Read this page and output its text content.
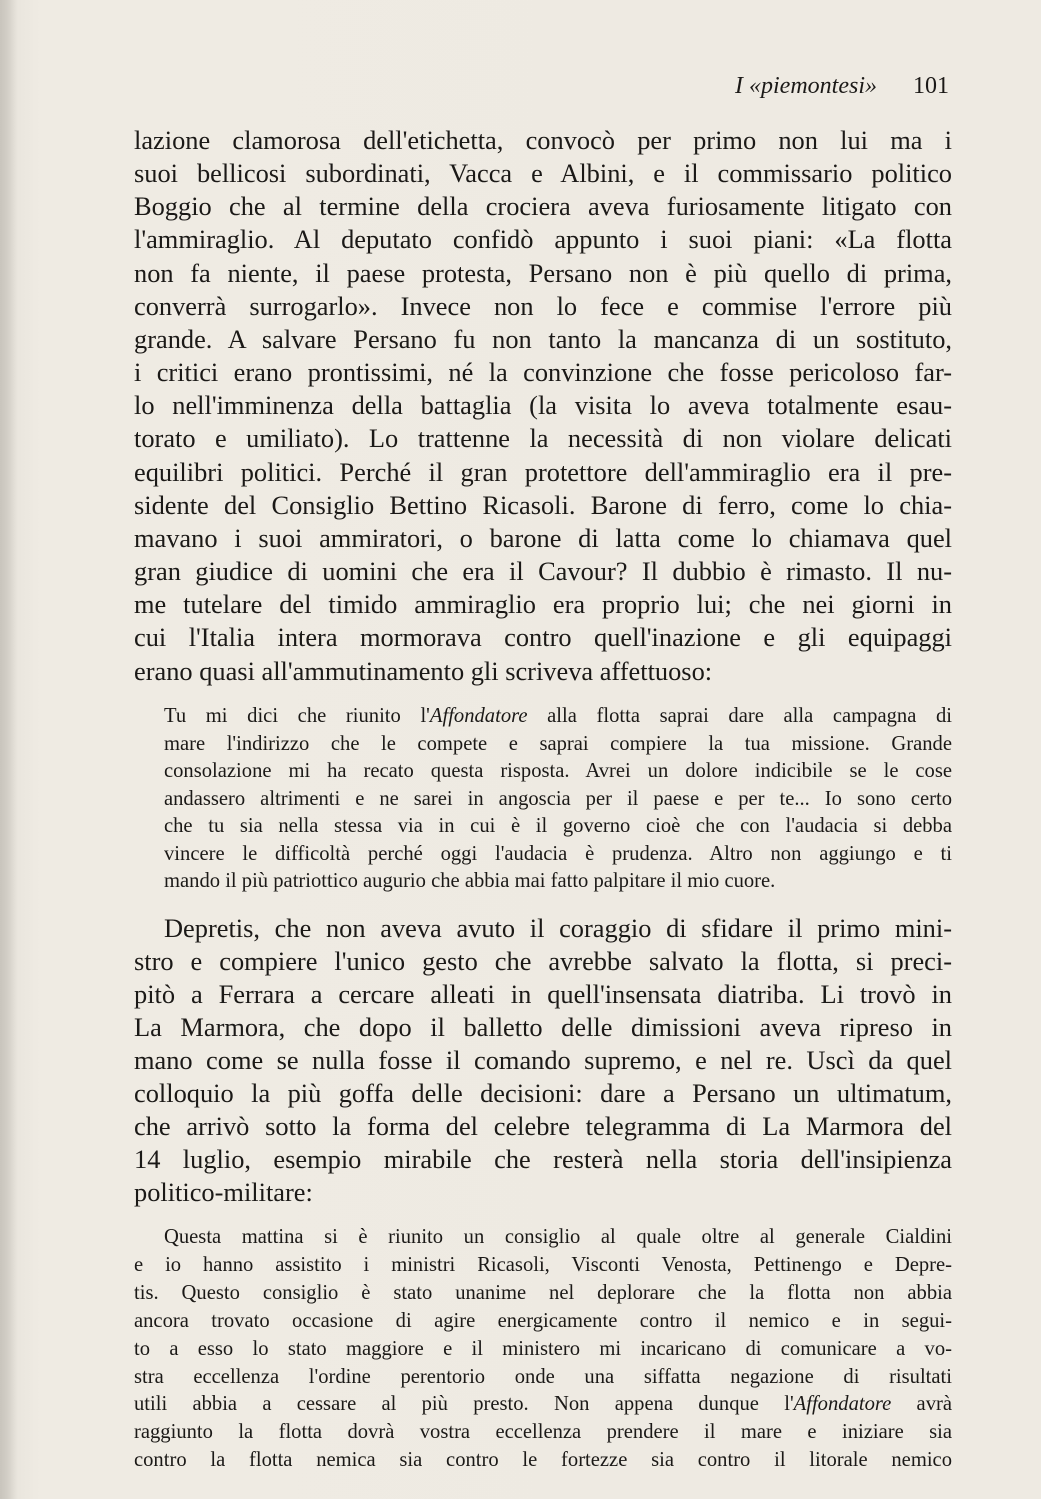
I «piemontesi» 101
lazione clamorosa dell'etichetta, convocò per primo non lui ma i
suoi bellicosi subordinati, Vacca e Albini, e il commissario politico
Boggio che al termine della crociera aveva furiosamente litigato con
l'ammiraglio. Al deputato confidò appunto i suoi piani: «La flotta
non fa niente, il paese protesta, Persano non è più quello di prima,
converrà surrogarlo». Invece non lo fece e commise l'errore più
grande. A salvare Persano fu non tanto la mancanza di un sostituto,
i critici erano prontissimi, né la convinzione che fosse pericoloso far-
lo nell'imminenza della battaglia (la visita lo aveva totalmente esau-
torato e umiliato). Lo trattenne la necessità di non violare delicati
equilibri politici. Perché il gran protettore dell'ammiraglio era il pre-
sidente del Consiglio Bettino Ricasoli. Barone di ferro, come lo chia-
mavano i suoi ammiratori, o barone di latta come lo chiamava quel
gran giudice di uomini che era il Cavour? Il dubbio è rimasto. Il nu-
me tutelare del timido ammiraglio era proprio lui; che nei giorni in
cui l'Italia intera mormorava contro quell'inazione e gli equipaggi
erano quasi all'ammutinamento gli scriveva affettuoso:
Tu mi dici che riunito l'Affondatore alla flotta saprai dare alla campagna di
mare l'indirizzo che le compete e saprai compiere la tua missione. Grande
consolazione mi ha recato questa risposta. Avrei un dolore indicibile se le cose
andassero altrimenti e ne sarei in angoscia per il paese e per te... Io sono certo
che tu sia nella stessa via in cui è il governo cioè che con l'audacia si debba
vincere le difficoltà perché oggi l'audacia è prudenza. Altro non aggiungo e ti
mando il più patriottico augurio che abbia mai fatto palpitare il mio cuore.
Depretis, che non aveva avuto il coraggio di sfidare il primo mini-
stro e compiere l'unico gesto che avrebbe salvato la flotta, si preci-
pitò a Ferrara a cercare alleati in quell'insensata diatriba. Li trovò in
La Marmora, che dopo il balletto delle dimissioni aveva ripreso in
mano come se nulla fosse il comando supremo, e nel re. Uscì da quel
colloquio la più goffa delle decisioni: dare a Persano un ultimatum,
che arrivò sotto la forma del celebre telegramma di La Marmora del
14 luglio, esempio mirabile che resterà nella storia dell'insipienza
politico-militare:
Questa mattina si è riunito un consiglio al quale oltre al generale Cialdini
e io hanno assistito i ministri Ricasoli, Visconti Venosta, Pettinengo e Depre-
tis. Questo consiglio è stato unanime nel deplorare che la flotta non abbia
ancora trovato occasione di agire energicamente contro il nemico e in segui-
to a esso lo stato maggiore e il ministero mi incaricano di comunicare a vo-
stra eccellenza l'ordine perentorio onde una siffatta negazione di risultati
utili abbia a cessare al più presto. Non appena dunque l'Affondatore avrà
raggiunto la flotta dovrà vostra eccellenza prendere il mare e iniziare sia
contro la flotta nemica sia contro le fortezze sia contro il litorale nemico
